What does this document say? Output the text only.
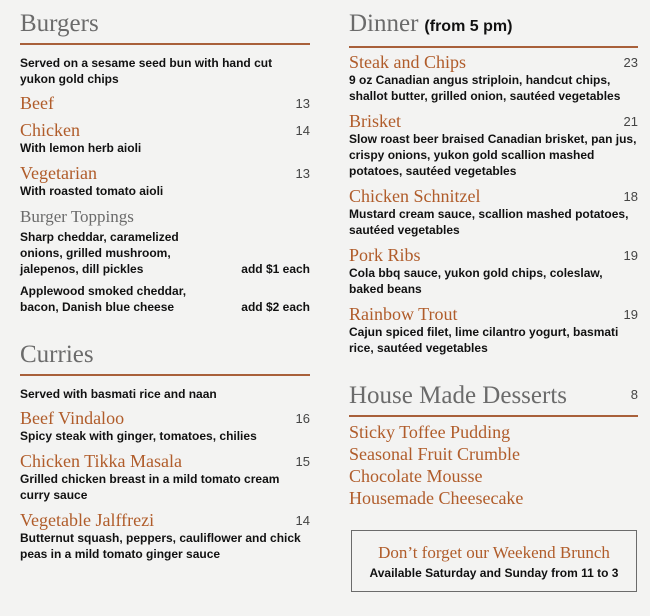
Burgers
Served on a sesame seed bun with hand cut yukon gold chips
Beef	13
Chicken	14
With lemon herb aioli
Vegetarian	13
With roasted tomato aioli
Burger Toppings
Sharp cheddar, caramelized onions, grilled mushroom, jalepenos, dill pickles	add $1 each
Applewood smoked cheddar, bacon, Danish blue cheese	add $2 each
Curries
Served with basmati rice and naan
Beef Vindaloo	16
Spicy steak with ginger, tomatoes, chilies
Chicken Tikka Masala	15
Grilled chicken breast in a mild tomato cream curry sauce
Vegetable Jalffrezi	14
Butternut squash, peppers, cauliflower and chick peas in a mild tomato ginger sauce
Dinner (from 5 pm)
Steak and Chips	23
9 oz Canadian angus striploin, handcut chips, shallot butter, grilled onion, sautéed vegetables
Brisket	21
Slow roast beer braised Canadian brisket, pan jus, crispy onions, yukon gold scallion mashed potatoes, sautéed vegetables
Chicken Schnitzel	18
Mustard cream sauce, scallion mashed potatoes, sautéed vegetables
Pork Ribs	19
Cola bbq sauce, yukon gold chips, coleslaw, baked beans
Rainbow Trout	19
Cajun spiced filet, lime cilantro yogurt, basmati rice, sautéed vegetables
House Made Desserts	8
Sticky Toffee Pudding
Seasonal Fruit Crumble
Chocolate Mousse
Housemade Cheesecake
Don’t forget our Weekend Brunch
Available Saturday and Sunday from 11 to 3
